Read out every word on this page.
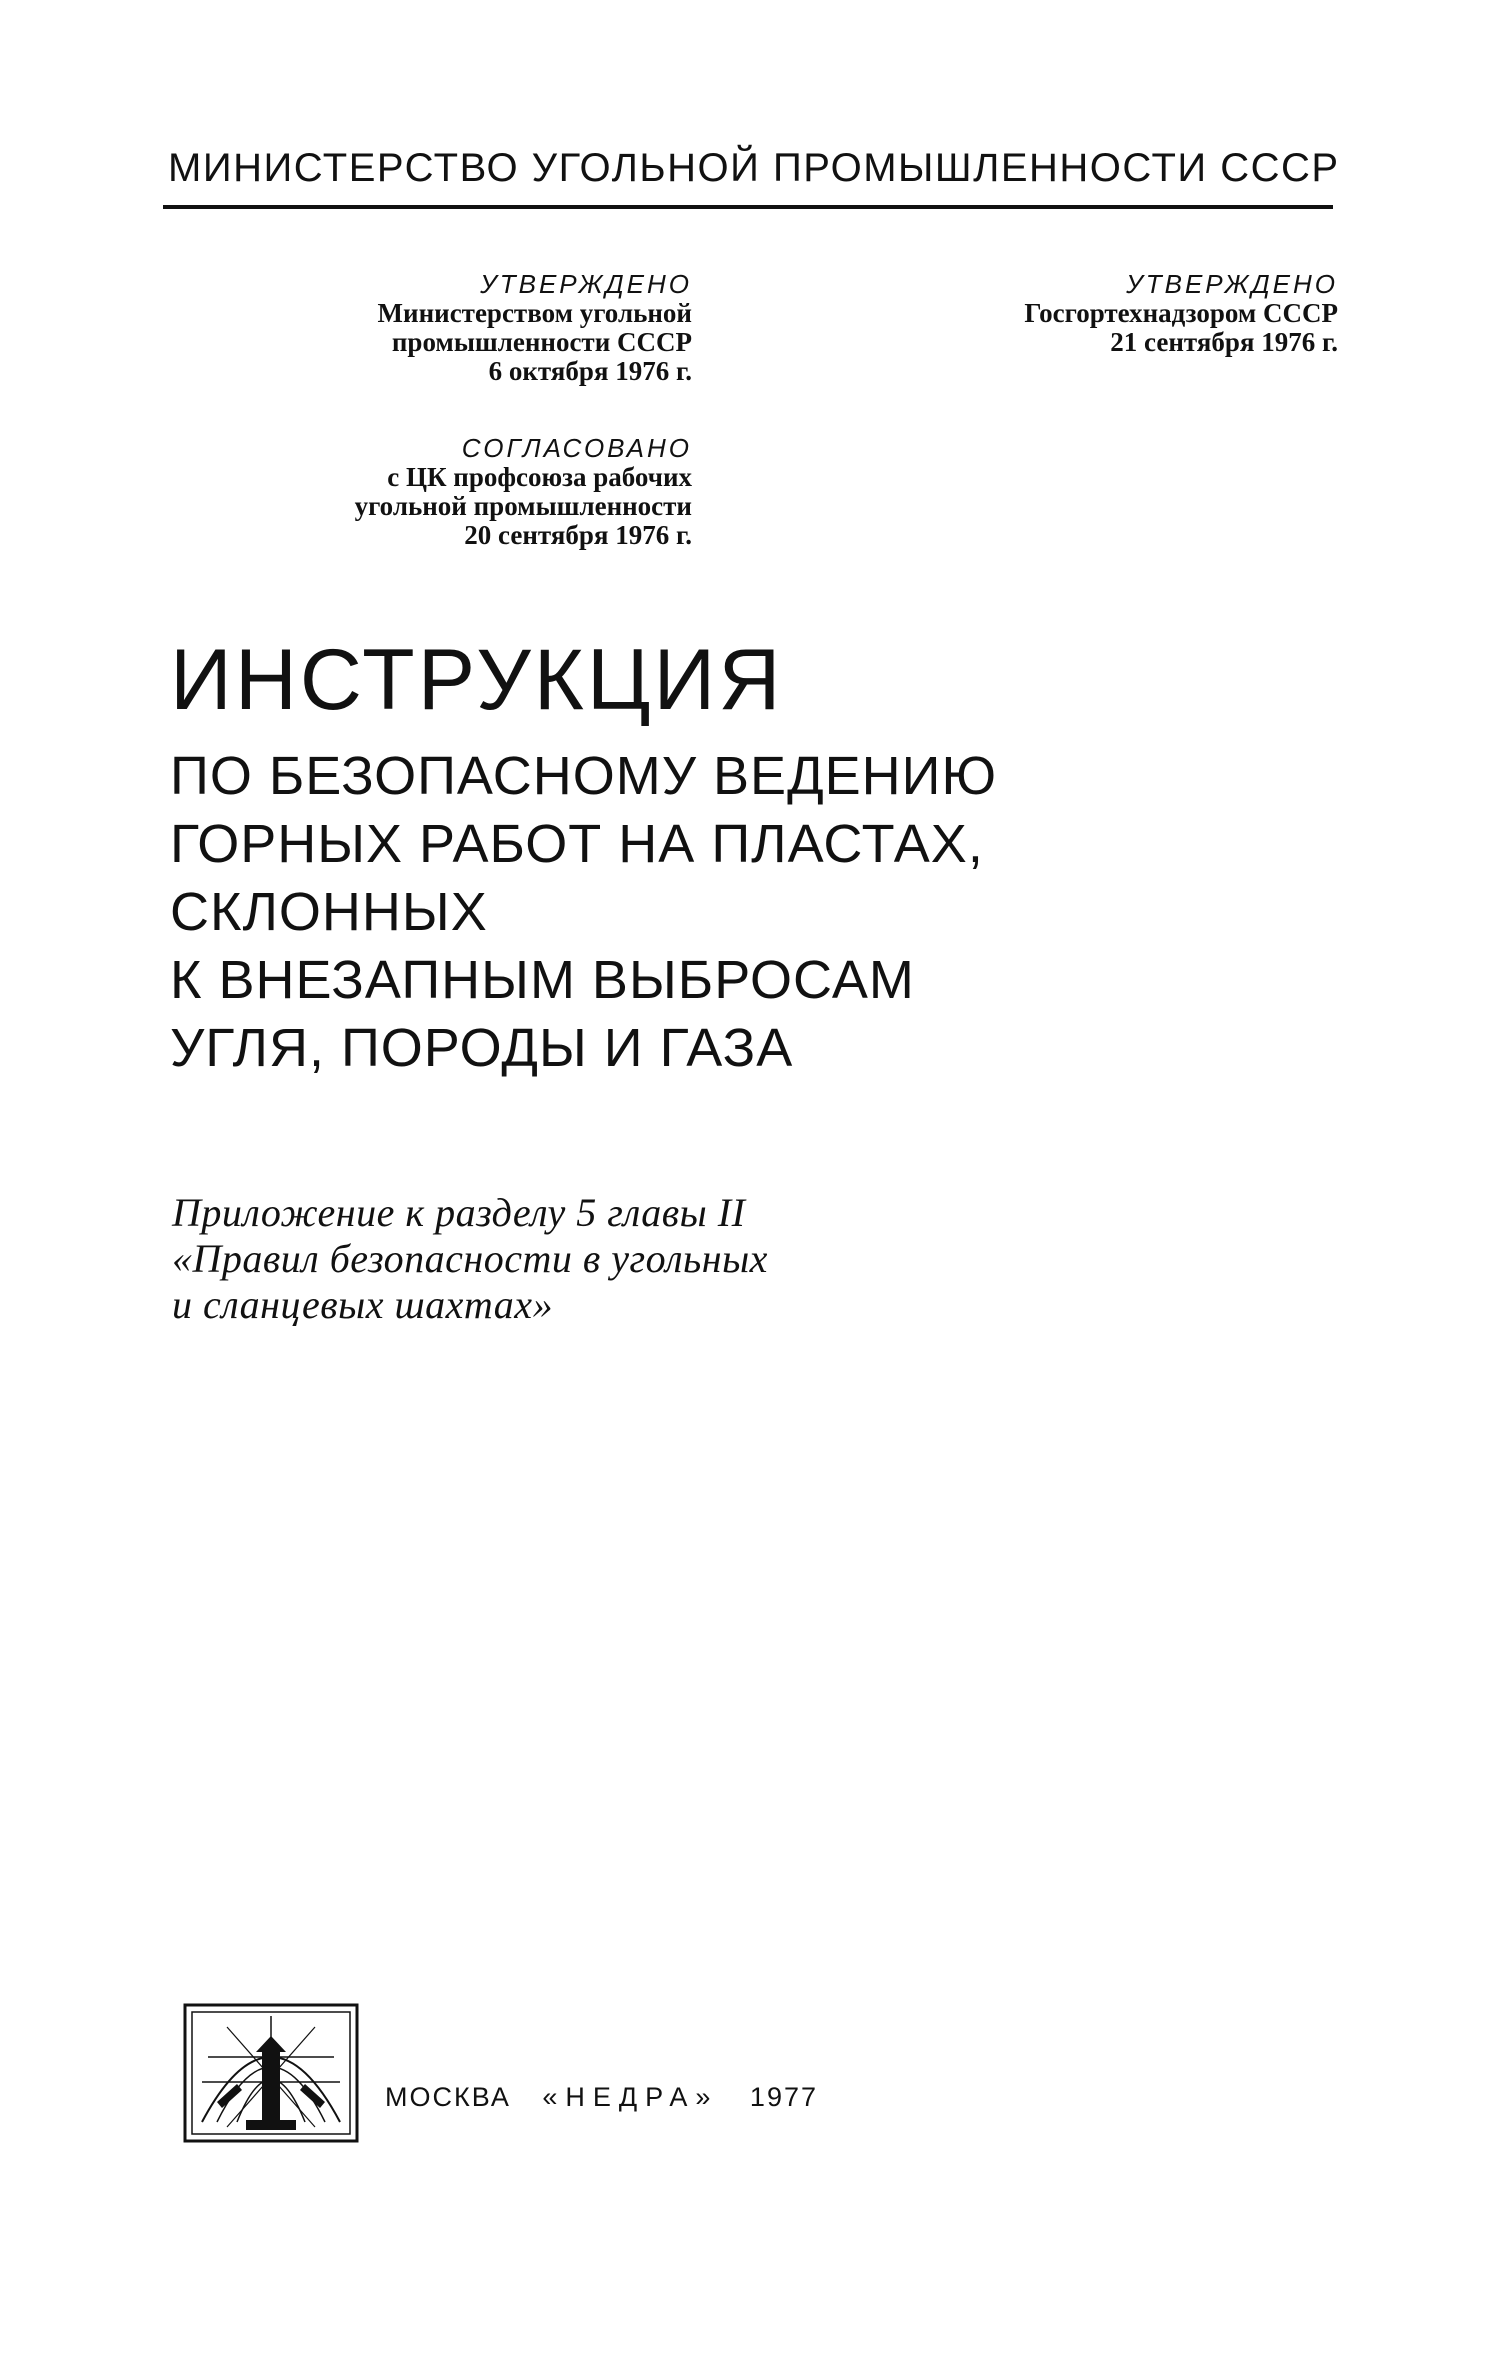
МИНИСТЕРСТВО УГОЛЬНОЙ ПРОМЫШЛЕННОСТИ СССР
УТВЕРЖДЕНО
Министерством угольной
промышленности СССР
6 октября 1976 г.
УТВЕРЖДЕНО
Госгортехнадзором СССР
21 сентября 1976 г.
СОГЛАСОВАНО
с ЦК профсоюза рабочих
угольной промышленности
20 сентября 1976 г.
ИНСТРУКЦИЯ
ПО БЕЗОПАСНОМУ ВЕДЕНИЮ
ГОРНЫХ РАБОТ НА ПЛАСТАХ,
СКЛОННЫХ
К ВНЕЗАПНЫМ ВЫБРОСАМ
УГЛЯ, ПОРОДЫ И ГАЗА
Приложение к разделу 5 главы II
«Правил безопасности в угольных
и сланцевых шахтах»
МОСКВА «НЕДРА» 1977
